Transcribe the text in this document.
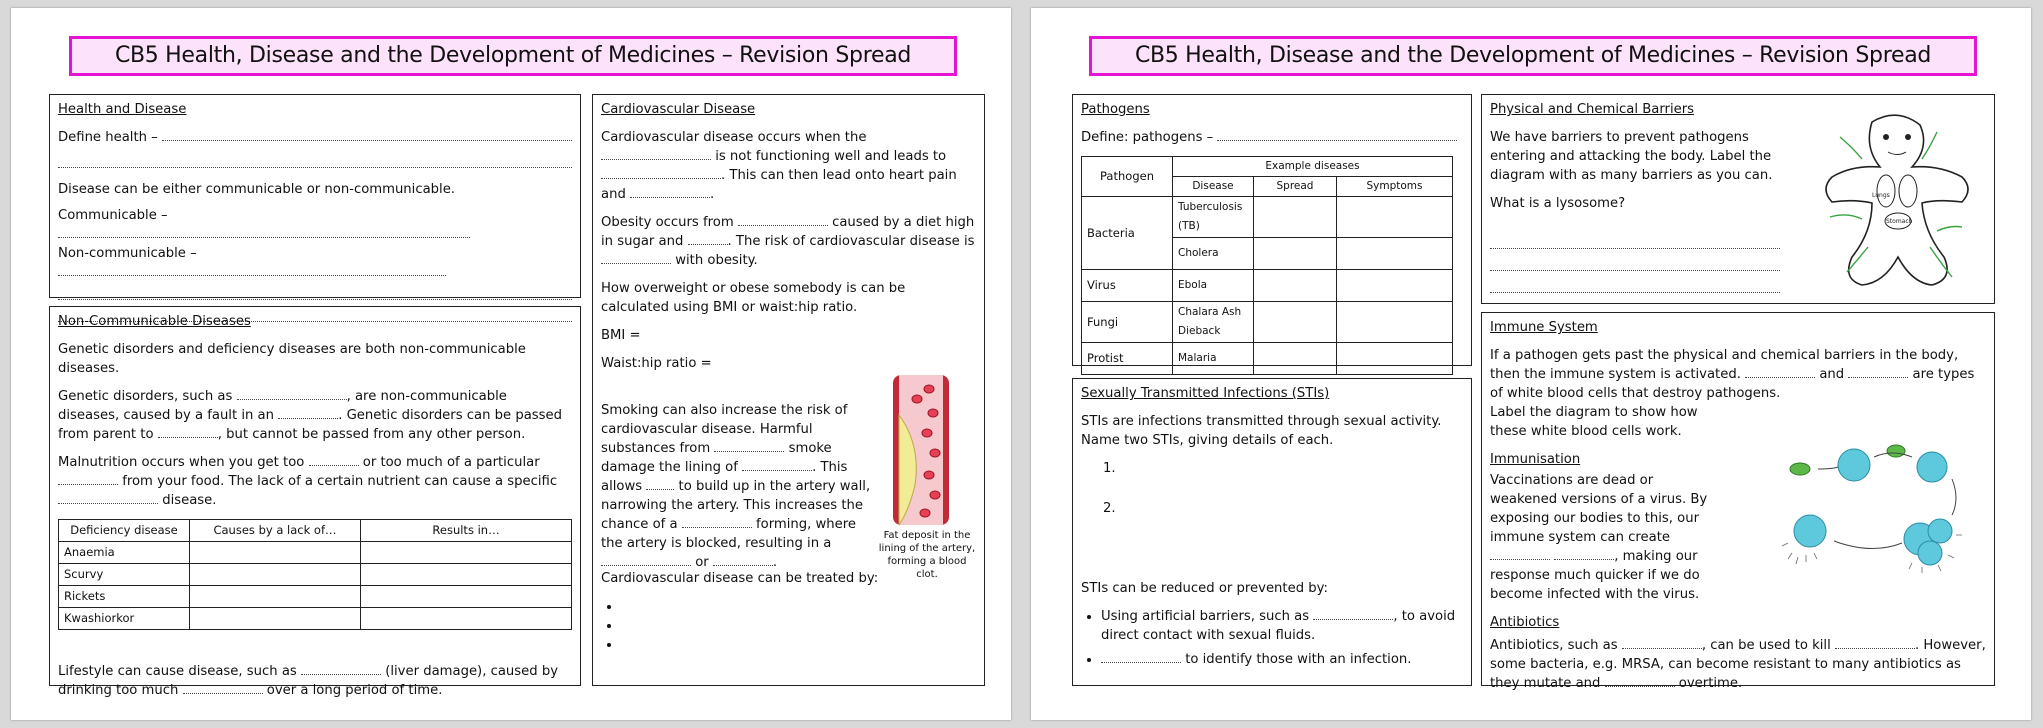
CB5 Health, Disease and the Development of Medicines – Revision Spread
Health and Disease

Define health –

Disease can be either communicable or non-communicable.

Communicable –
Non-communicable –
Non-Communicable Diseases

Genetic disorders and deficiency diseases are both non-communicable diseases.

Genetic disorders, such as	, are non-communicable diseases, caused by a fault in an	. Genetic disorders can be passed from parent to	, but cannot be passed from any other person.

Malnutrition occurs when you get too	or too much of a particular  from your food. The lack of a certain nutrient can cause a specific  disease.

Deficiency disease	Causes by a lack of…	Results in…
Anaemia		
Scurvy		
Rickets		
Kwashiorkor		

Lifestyle can cause disease, such as	(liver damage), caused by drinking too much	over a long period of time.

Cardiovascular Disease

Cardiovascular disease occurs when the  is not functioning well and leads to . This can then lead onto heart pain and	.

Obesity occurs from	caused by a diet high in sugar and	. The risk of cardiovascular disease is  with obesity.

How overweight or obese somebody is can be calculated using BMI or waist:hip ratio.

BMI =

Waist:hip ratio =

Smoking can also increase the risk of cardiovascular disease. Harmful substances from	smoke damage the lining of	. This allows	to build up in the artery wall, narrowing the artery. This increases the chance of a	forming, where the artery is blocked, resulting in a  or	.
Fat deposit in the lining of the artery, forming a blood clot.

Cardiovascular disease can be treated by:

•
•
•
CB5 Health, Disease and the Development of Medicines – Revision Spread
Pathogens

Define: pathogens –

Pathogen	Example diseases		
	Disease	Spread	Symptoms
Bacteria	Tuberculosis (TB)		
	Cholera		
Virus	Ebola		
Fungi	Chalara Ash Dieback		
Protist	Malaria		
Sexually Transmitted Infections (STIs)

STIs are infections transmitted through sexual activity. Name two STIs, giving details of each.

1.
2.

STIs can be reduced or prevented by:

• Using artificial barriers, such as	, to avoid direct contact with sexual fluids.
• to identify those with an infection.
Physical and Chemical Barriers

We have barriers to prevent pathogens entering and attacking the body. Label the diagram with as many barriers as you can.

What is a lysosome?

Lungs
Stomach
Immune System

If a pathogen gets past the physical and chemical barriers in the body, then the immune system is activated.	and	are types of white blood cells that destroy pathogens.

Label the diagram to show how these white blood cells work.

Immunisation

Vaccinations are dead or weakened versions of a virus. By exposing our bodies to this, our immune system can create  , making our response much quicker if we do become infected with the virus.

Antibiotics

Antibiotics, such as	, can be used to kill	. However, some bacteria, e.g. MRSA, can become resistant to many antibiotics as they mutate and	overtime.
